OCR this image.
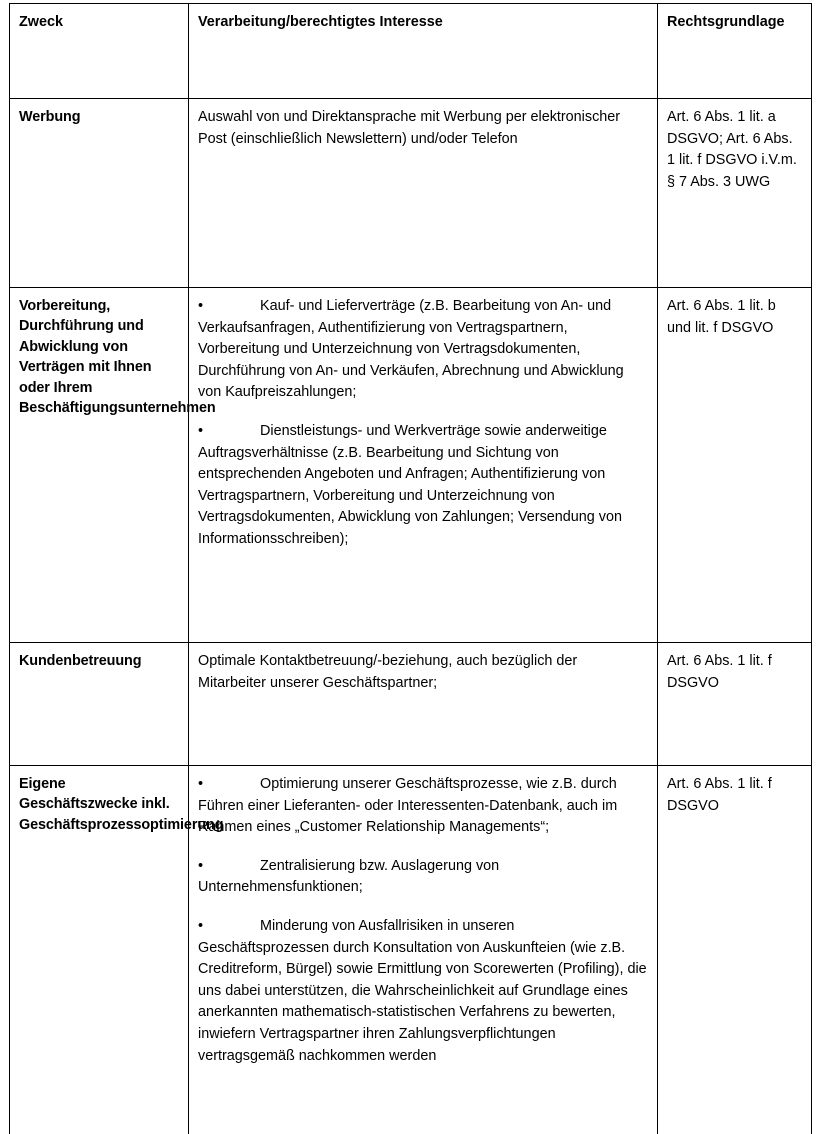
Zweck	Verarbeitung/berechtigtes Interesse	Rechtsgrundlage

Werbung	Auswahl von und Direktansprache mit Werbung per elektronischer Post (einschließlich Newslettern) und/oder Telefon	Art. 6 Abs. 1 lit. a DSGVO; Art. 6 Abs. 1 lit. f DSGVO i.V.m. § 7 Abs. 3 UWG

Vorbereitung, Durchführung und Abwicklung von Verträgen mit Ihnen oder Ihrem Beschäftigungsunternehmen	• Kauf- und Lieferverträge (z.B. Bearbeitung von An- und Verkaufsanfragen, Authentifizierung von Vertragspartnern, Vorbereitung und Unterzeichnung von Vertragsdokumenten, Durchführung von An- und Verkäufen, Abrechnung und Abwicklung von Kaufpreiszahlungen;
• Dienstleistungs- und Werkverträge sowie anderweitige Auftragsverhältnisse (z.B. Bearbeitung und Sichtung von entsprechenden Angeboten und Anfragen; Authentifizierung von Vertragspartnern, Vorbereitung und Unterzeichnung von Vertragsdokumenten, Abwicklung von Zahlungen; Versendung von Informationsschreiben);	Art. 6 Abs. 1 lit. b und lit. f DSGVO

Kundenbetreuung	Optimale Kontaktbetreuung/-beziehung, auch bezüglich der Mitarbeiter unserer Geschäftspartner;	Art. 6 Abs. 1 lit. f DSGVO

Eigene Geschäftszwecke inkl. Geschäftsprozessoptimierung	• Optimierung unserer Geschäftsprozesse, wie z.B. durch Führen einer Lieferanten- oder Interessenten-Datenbank, auch im Rahmen eines „Customer Relationship Managements“;
• Zentralisierung bzw. Auslagerung von Unternehmensfunktionen;
• Minderung von Ausfallrisiken in unseren Geschäftsprozessen durch Konsultation von Auskunfteien (wie z.B. Creditreform, Bürgel) sowie Ermittlung von Scorewerten (Profiling), die uns dabei unterstützen, die Wahrscheinlichkeit auf Grundlage eines anerkannten mathematisch-statistischen Verfahrens zu bewerten, inwiefern Vertragspartner ihren Zahlungsverpflichtungen vertragsgemäß nachkommen werden	Art. 6 Abs. 1 lit. f DSGVO
